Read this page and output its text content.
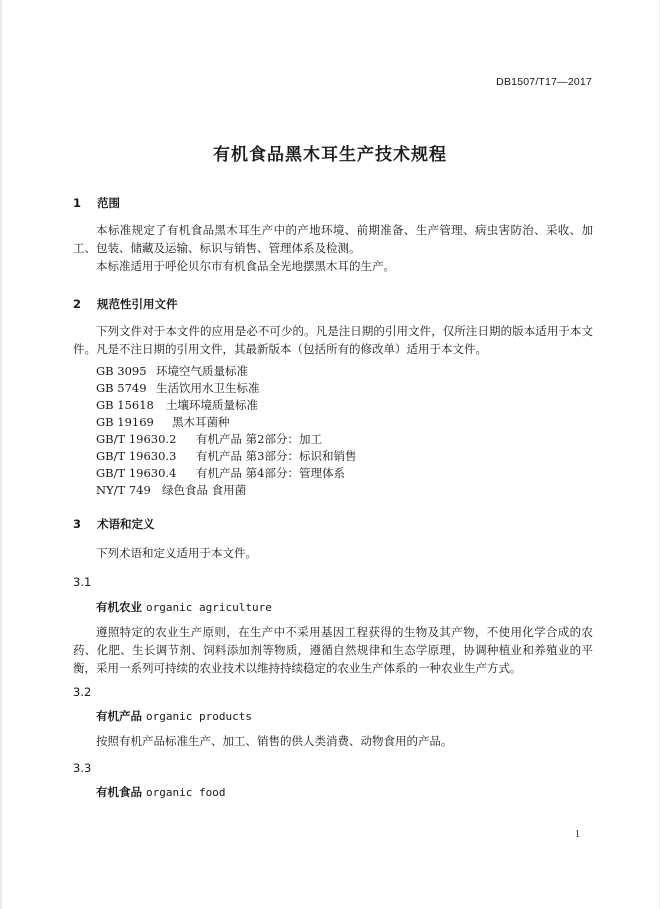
DB1507/T17—2017
有机食品黑木耳生产技术规程
1 范围
本标准规定了有机食品黑木耳生产中的产地环境、前期准备、生产管理、病虫害防治、采收、加工、包装、储藏及运输、标识与销售、管理体系及检测。
本标准适用于呼伦贝尔市有机食品全光地摆黑木耳的生产。
2 规范性引用文件
下列文件对于本文件的应用是必不可少的。凡是注日期的引用文件，仅所注日期的版本适用于本文件。凡是不注日期的引用文件，其最新版本（包括所有的修改单）适用于本文件。
GB 3095 环境空气质量标准
GB 5749 生活饮用水卫生标准
GB 15618 土壤环境质量标准
GB 19169 黑木耳菌种
GB/T 19630.2 有机产品 第2部分：加工
GB/T 19630.3 有机产品 第3部分：标识和销售
GB/T 19630.4 有机产品 第4部分：管理体系
NY/T 749 绿色食品 食用菌
3 术语和定义
下列术语和定义适用于本文件。
3.1
有机农业 organic agriculture
遵照特定的农业生产原则，在生产中不采用基因工程获得的生物及其产物，不使用化学合成的农药、化肥、生长调节剂、饲料添加剂等物质，遵循自然规律和生态学原理，协调种植业和养殖业的平衡，采用一系列可持续的农业技术以维持持续稳定的农业生产体系的一种农业生产方式。
3.2
有机产品 organic products
按照有机产品标准生产、加工、销售的供人类消费、动物食用的产品。
3.3
有机食品 organic food
1
